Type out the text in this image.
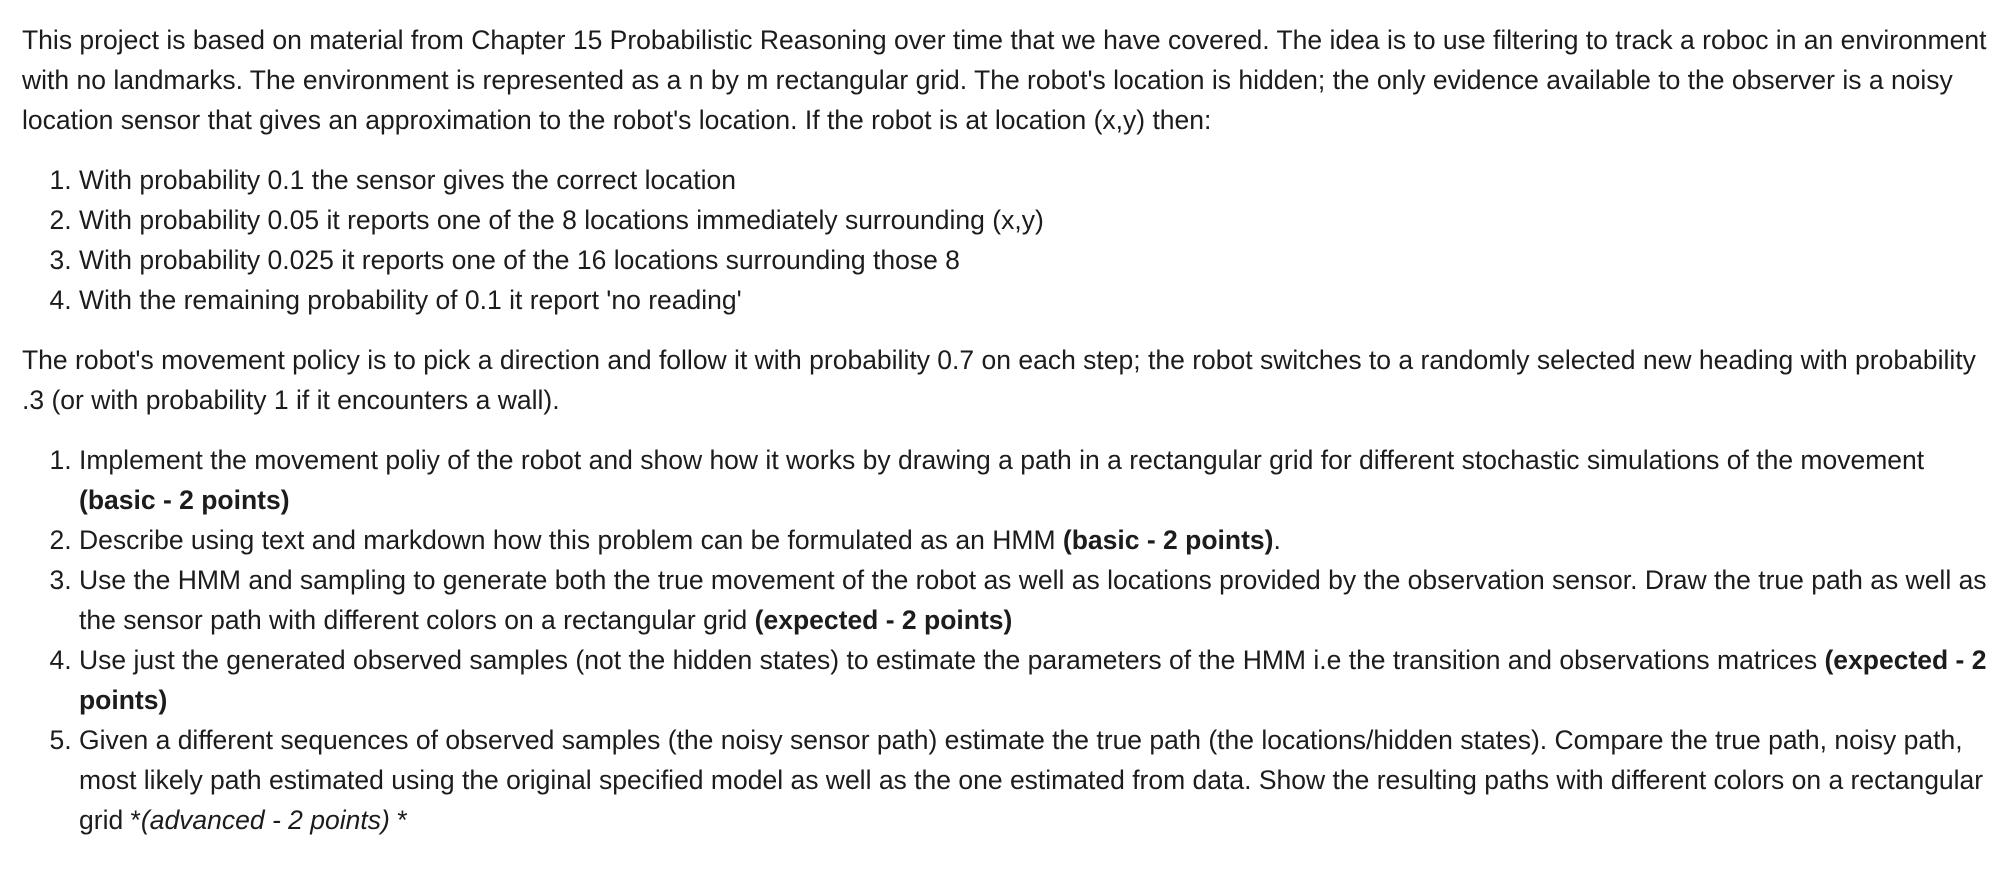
This project is based on material from Chapter 15 Probabilistic Reasoning over time that we have covered. The idea is to use filtering to track a roboc in an environment with no landmarks. The environment is represented as a n by m rectangular grid. The robot's location is hidden; the only evidence available to the observer is a noisy location sensor that gives an approximation to the robot's location. If the robot is at location (x,y) then:

1. With probability 0.1 the sensor gives the correct location
2. With probability 0.05 it reports one of the 8 locations immediately surrounding (x,y)
3. With probability 0.025 it reports one of the 16 locations surrounding those 8
4. With the remaining probability of 0.1 it report 'no reading'

The robot's movement policy is to pick a direction and follow it with probability 0.7 on each step; the robot switches to a randomly selected new heading with probability .3 (or with probability 1 if it encounters a wall).

1. Implement the movement poliy of the robot and show how it works by drawing a path in a rectangular grid for different stochastic simulations of the movement (basic - 2 points)
2. Describe using text and markdown how this problem can be formulated as an HMM (basic - 2 points).
3. Use the HMM and sampling to generate both the true movement of the robot as well as locations provided by the observation sensor. Draw the true path as well as the sensor path with different colors on a rectangular grid (expected - 2 points)
4. Use just the generated observed samples (not the hidden states) to estimate the parameters of the HMM i.e the transition and observations matrices (expected - 2 points)
5. Given a different sequences of observed samples (the noisy sensor path) estimate the true path (the locations/hidden states). Compare the true path, noisy path, most likely path estimated using the original specified model as well as the one estimated from data. Show the resulting paths with different colors on a rectangular grid *(advanced - 2 points) *
